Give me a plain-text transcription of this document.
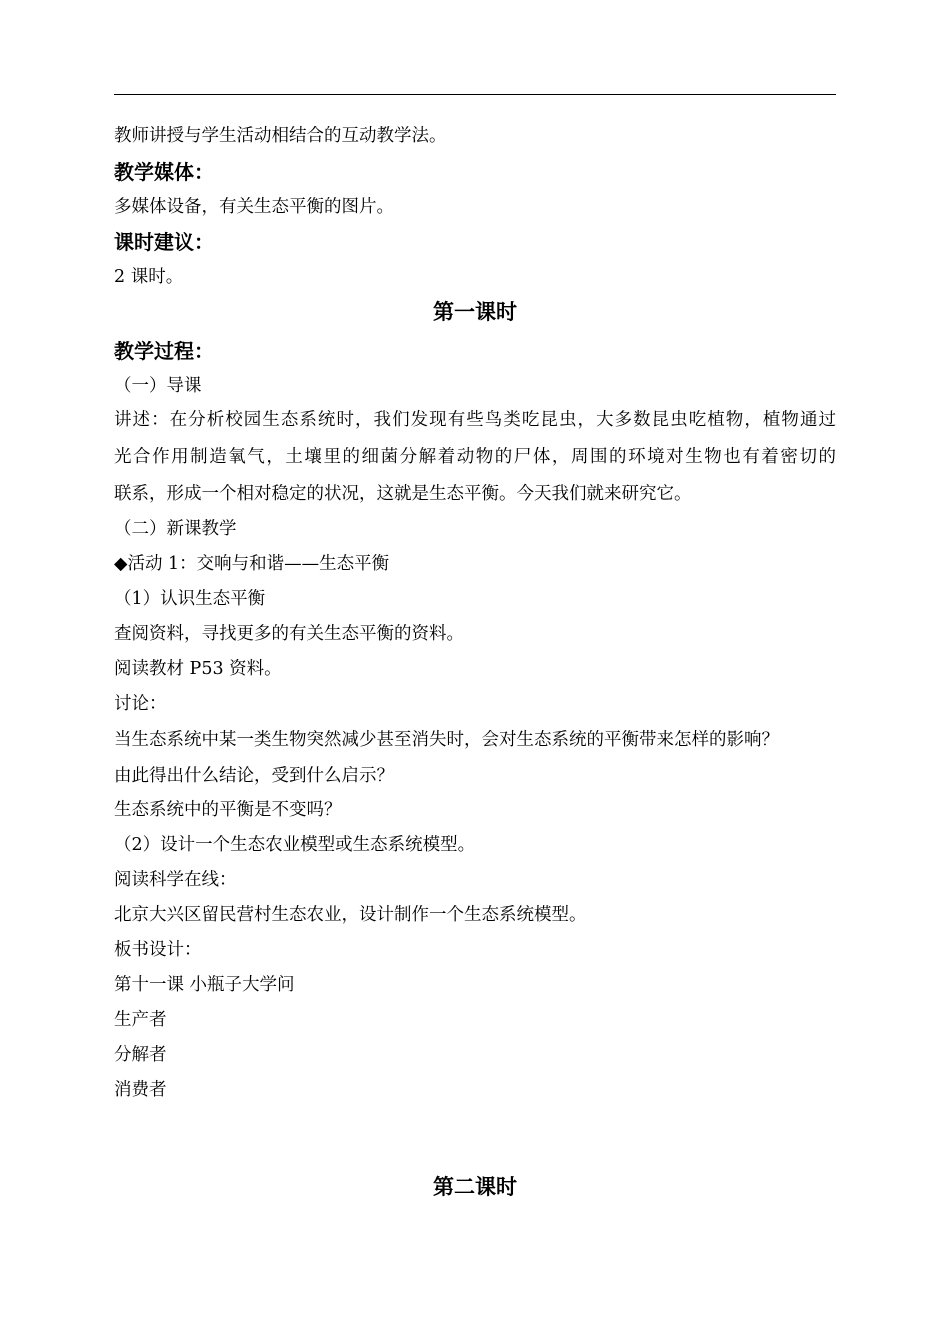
教师讲授与学生活动相结合的互动教学法。
教学媒体：
多媒体设备，有关生态平衡的图片。
课时建议：
2 课时。
第一课时
教学过程：
（一）导课
讲述：在分析校园生态系统时，我们发现有些鸟类吃昆虫，大多数昆虫吃植物，植物通过
光合作用制造氧气，土壤里的细菌分解着动物的尸体，周围的环境对生物也有着密切的
联系，形成一个相对稳定的状况，这就是生态平衡。今天我们就来研究它。
（二）新课教学
◆活动 1：交响与和谐——生态平衡
（1）认识生态平衡
查阅资料，寻找更多的有关生态平衡的资料。
阅读教材 P53 资料。
讨论：
当生态系统中某一类生物突然减少甚至消失时，会对生态系统的平衡带来怎样的影响？
由此得出什么结论，受到什么启示？
生态系统中的平衡是不变吗？
（2）设计一个生态农业模型或生态系统模型。
阅读科学在线：
北京大兴区留民营村生态农业，设计制作一个生态系统模型。
板书设计：
第十一课 小瓶子大学问
生产者
分解者
消费者
第二课时
